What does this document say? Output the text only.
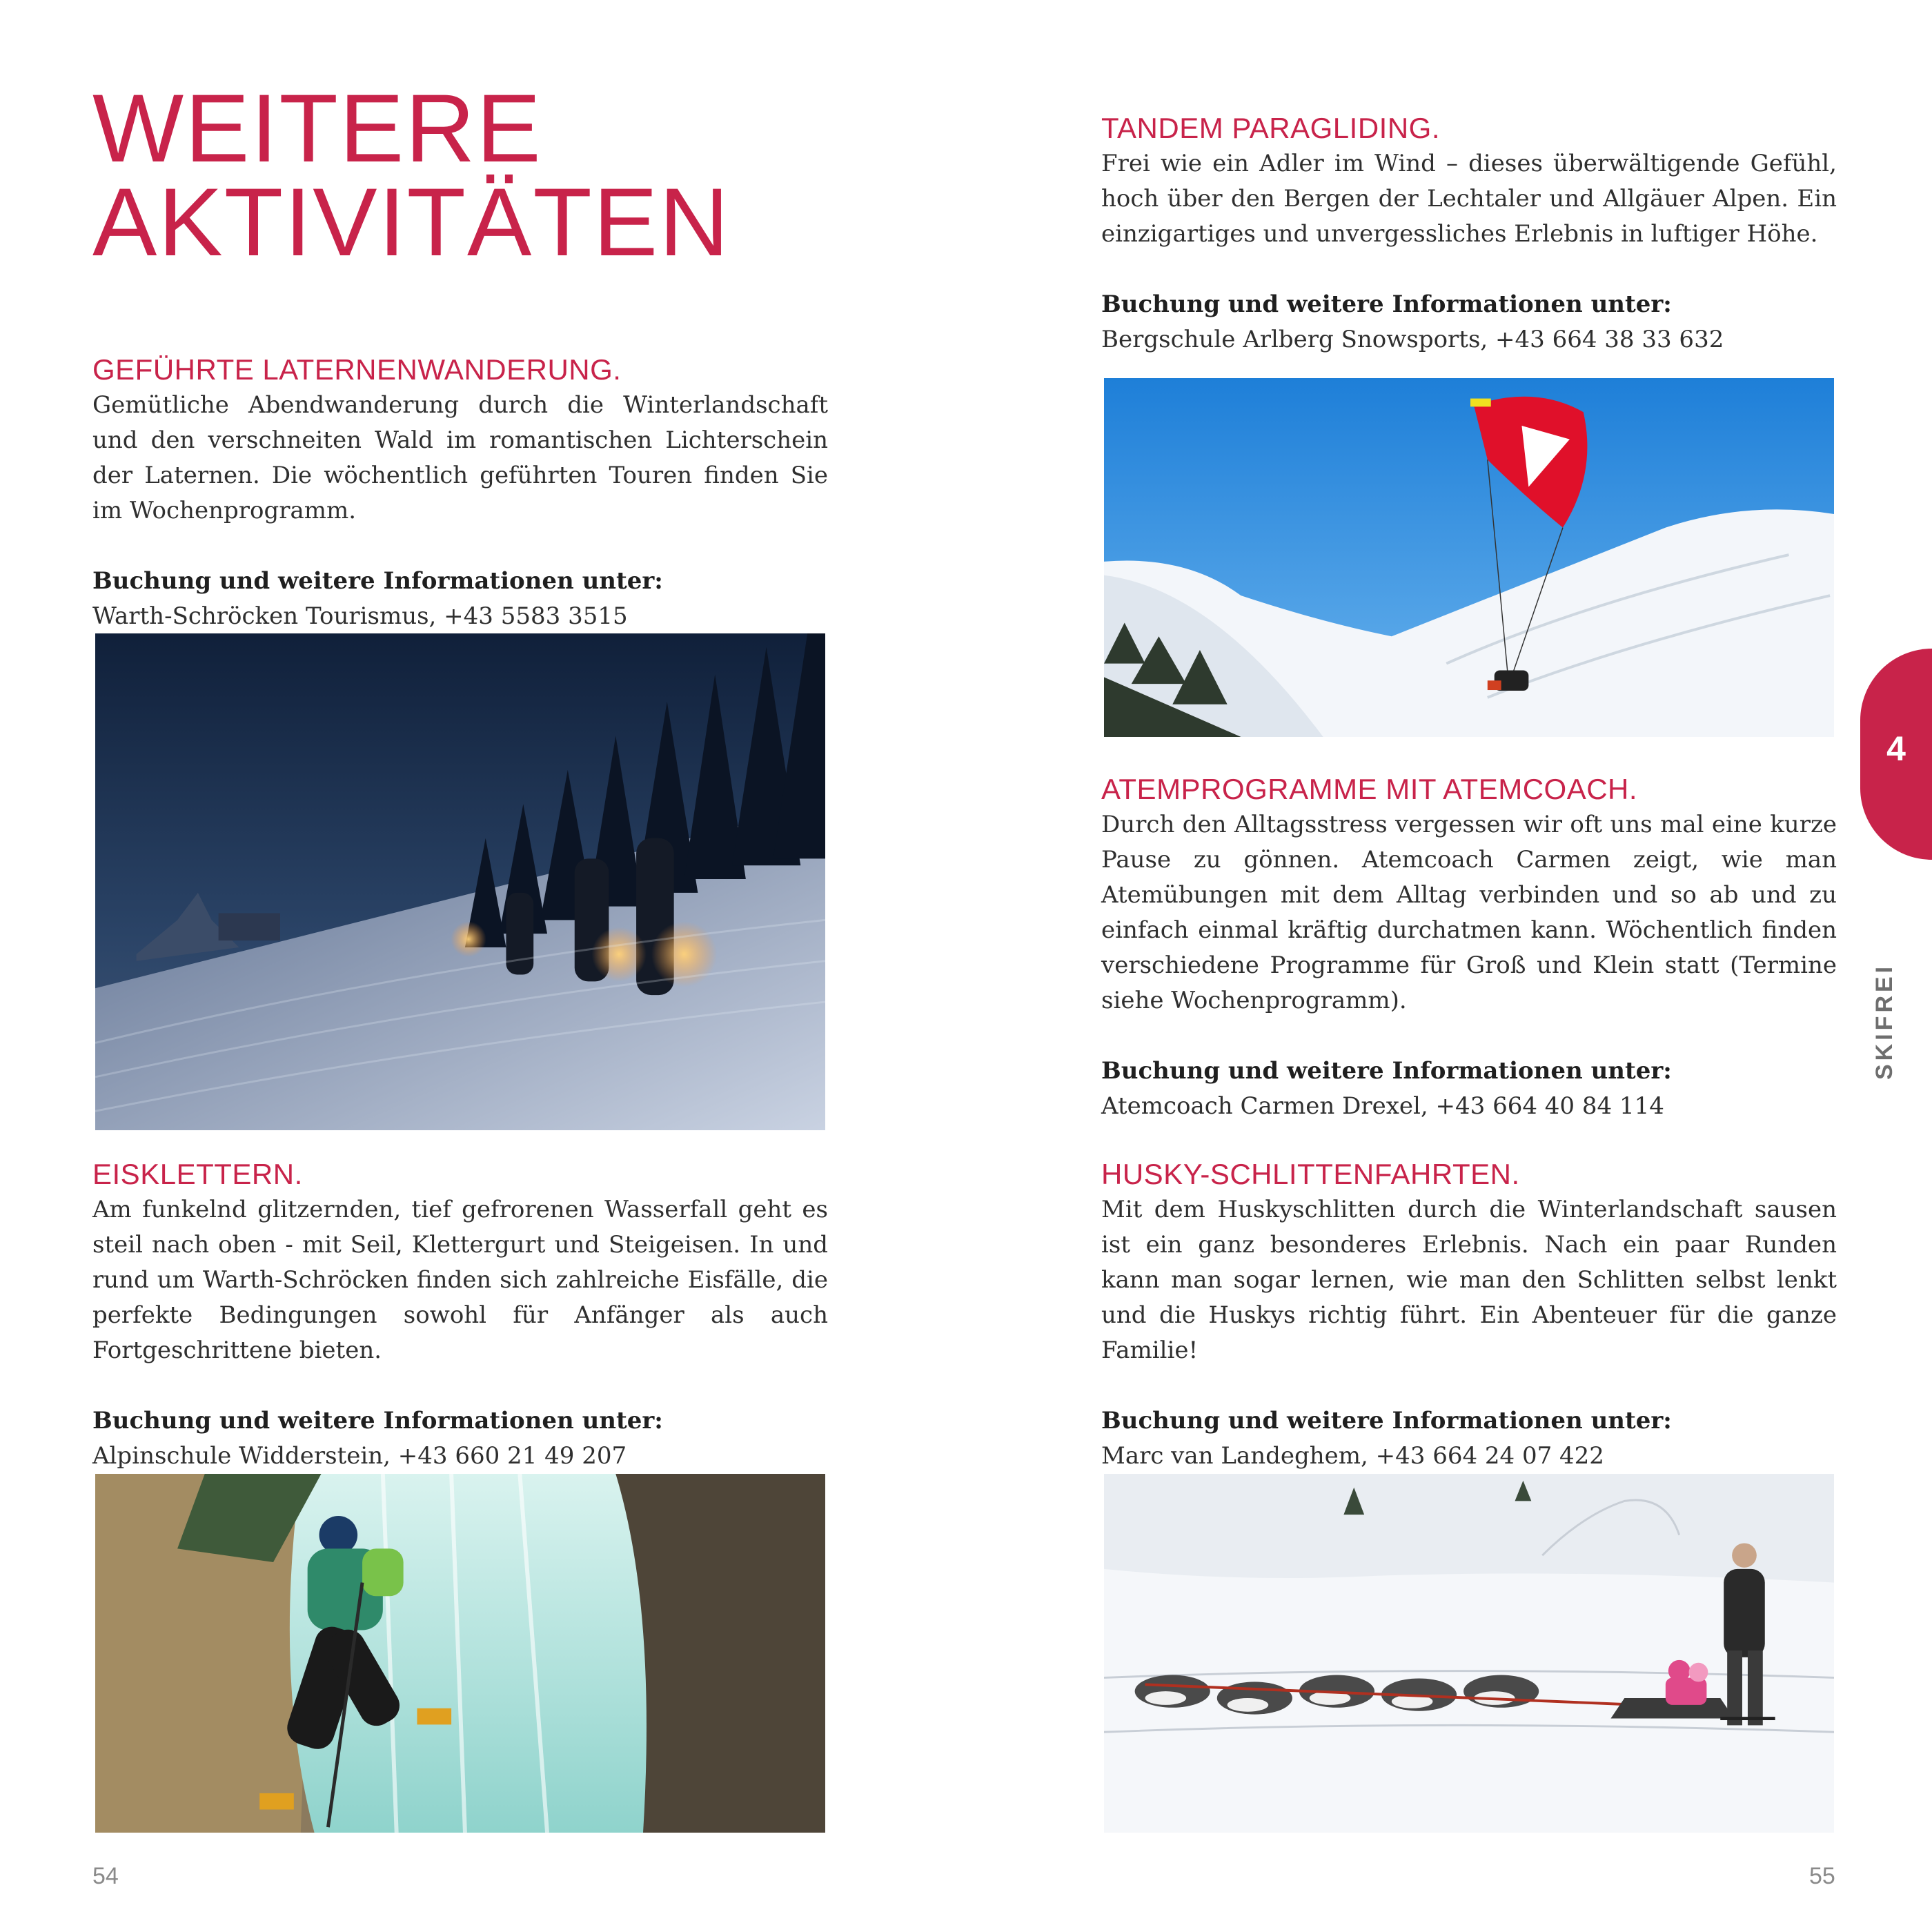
WEITERE
AKTIVITÄTEN
GEFÜHRTE LATERNENWANDERUNG.

Gemütliche Abendwanderung durch die Winterlandschaft und den verschneiten Wald im romantischen Lichterschein der Laternen. Die wöchentlich geführten Touren finden Sie im Wochenprogramm.

Buchung und weitere Informationen unter:

Warth-Schröcken Tourismus, +43 5583 3515

EISKLETTERN.

Am funkelnd glitzernden, tief gefrorenen Wasserfall geht es steil nach oben - mit Seil, Klettergurt und Steigeisen. In und rund um Warth-Schröcken finden sich zahlreiche Eisfälle, die perfekte Bedingungen sowohl für Anfänger als auch Fortgeschrittene bieten.

Buchung und weitere Informationen unter:

Alpinschule Widderstein, +43 660 21 49 207

TANDEM PARAGLIDING.

Frei wie ein Adler im Wind – dieses überwältigende Gefühl, hoch über den Bergen der Lechtaler und Allgäuer Alpen. Ein einzigartiges und unvergessliches Erlebnis in luftiger Höhe.

Buchung und weitere Informationen unter:

Bergschule Arlberg Snowsports, +43 664 38 33 632

ATEMPROGRAMME MIT ATEMCOACH.

Durch den Alltagsstress vergessen wir oft uns mal eine kurze Pause zu gönnen. Atemcoach Carmen zeigt, wie man Atemübungen mit dem Alltag verbinden und so ab und zu einfach einmal kräftig durchatmen kann. Wöchentlich finden verschiedene Programme für Groß und Klein statt (Termine siehe Wochenprogramm).

Buchung und weitere Informationen unter:

Atemcoach Carmen Drexel, +43 664 40 84 114

HUSKY-SCHLITTENFAHRTEN.

Mit dem Huskyschlitten durch die Winterlandschaft sausen ist ein ganz besonderes Erlebnis. Nach ein paar Runden kann man sogar lernen, wie man den Schlitten selbst lenkt und die Huskys richtig führt. Ein Abenteuer für die ganze Familie!

Buchung und weitere Informationen unter:

Marc van Landeghem, +43 664 24 07 422

4
SKIFREI
54	55
